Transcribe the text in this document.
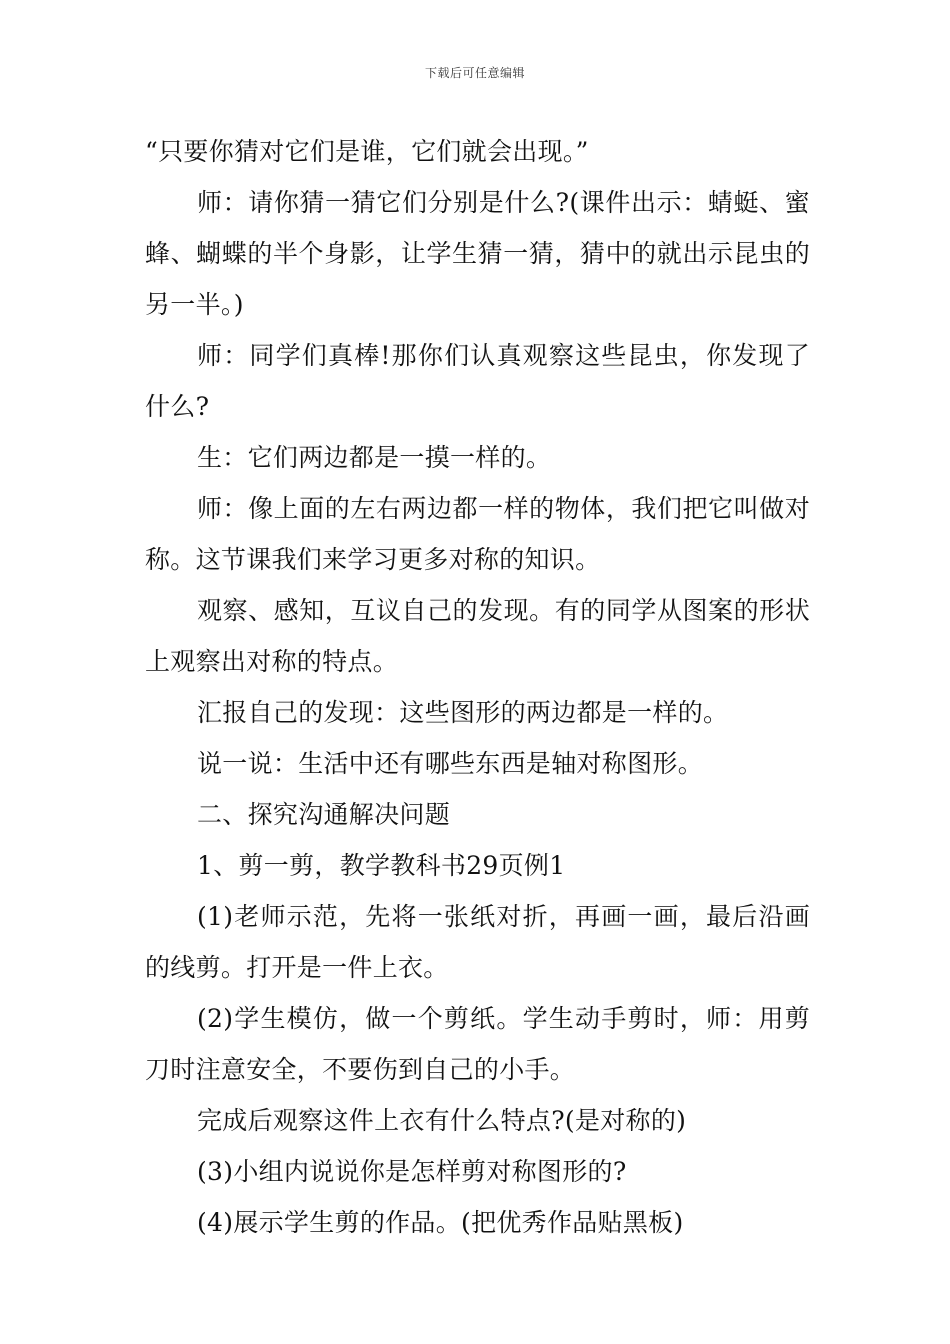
下载后可任意编辑

“只要你猜对它们是谁，它们就会出现。”

师：请你猜一猜它们分别是什么?(课件出示：蜻蜓、蜜蜂、蝴蝶的半个身影，让学生猜一猜，猜中的就出示昆虫的另一半。)

师：同学们真棒!那你们认真观察这些昆虫，你发现了什么?

生：它们两边都是一摸一样的。

师：像上面的左右两边都一样的物体，我们把它叫做对称。这节课我们来学习更多对称的知识。

观察、感知，互议自己的发现。有的同学从图案的形状上观察出对称的特点。

汇报自己的发现：这些图形的两边都是一样的。

说一说：生活中还有哪些东西是轴对称图形。

二、探究沟通解决问题

1、剪一剪，教学教科书29页例1

(1)老师示范，先将一张纸对折，再画一画，最后沿画的线剪。打开是一件上衣。

(2)学生模仿，做一个剪纸。学生动手剪时，师：用剪刀时注意安全，不要伤到自己的小手。

完成后观察这件上衣有什么特点?(是对称的)

(3)小组内说说你是怎样剪对称图形的?

(4)展示学生剪的作品。(把优秀作品贴黑板)
